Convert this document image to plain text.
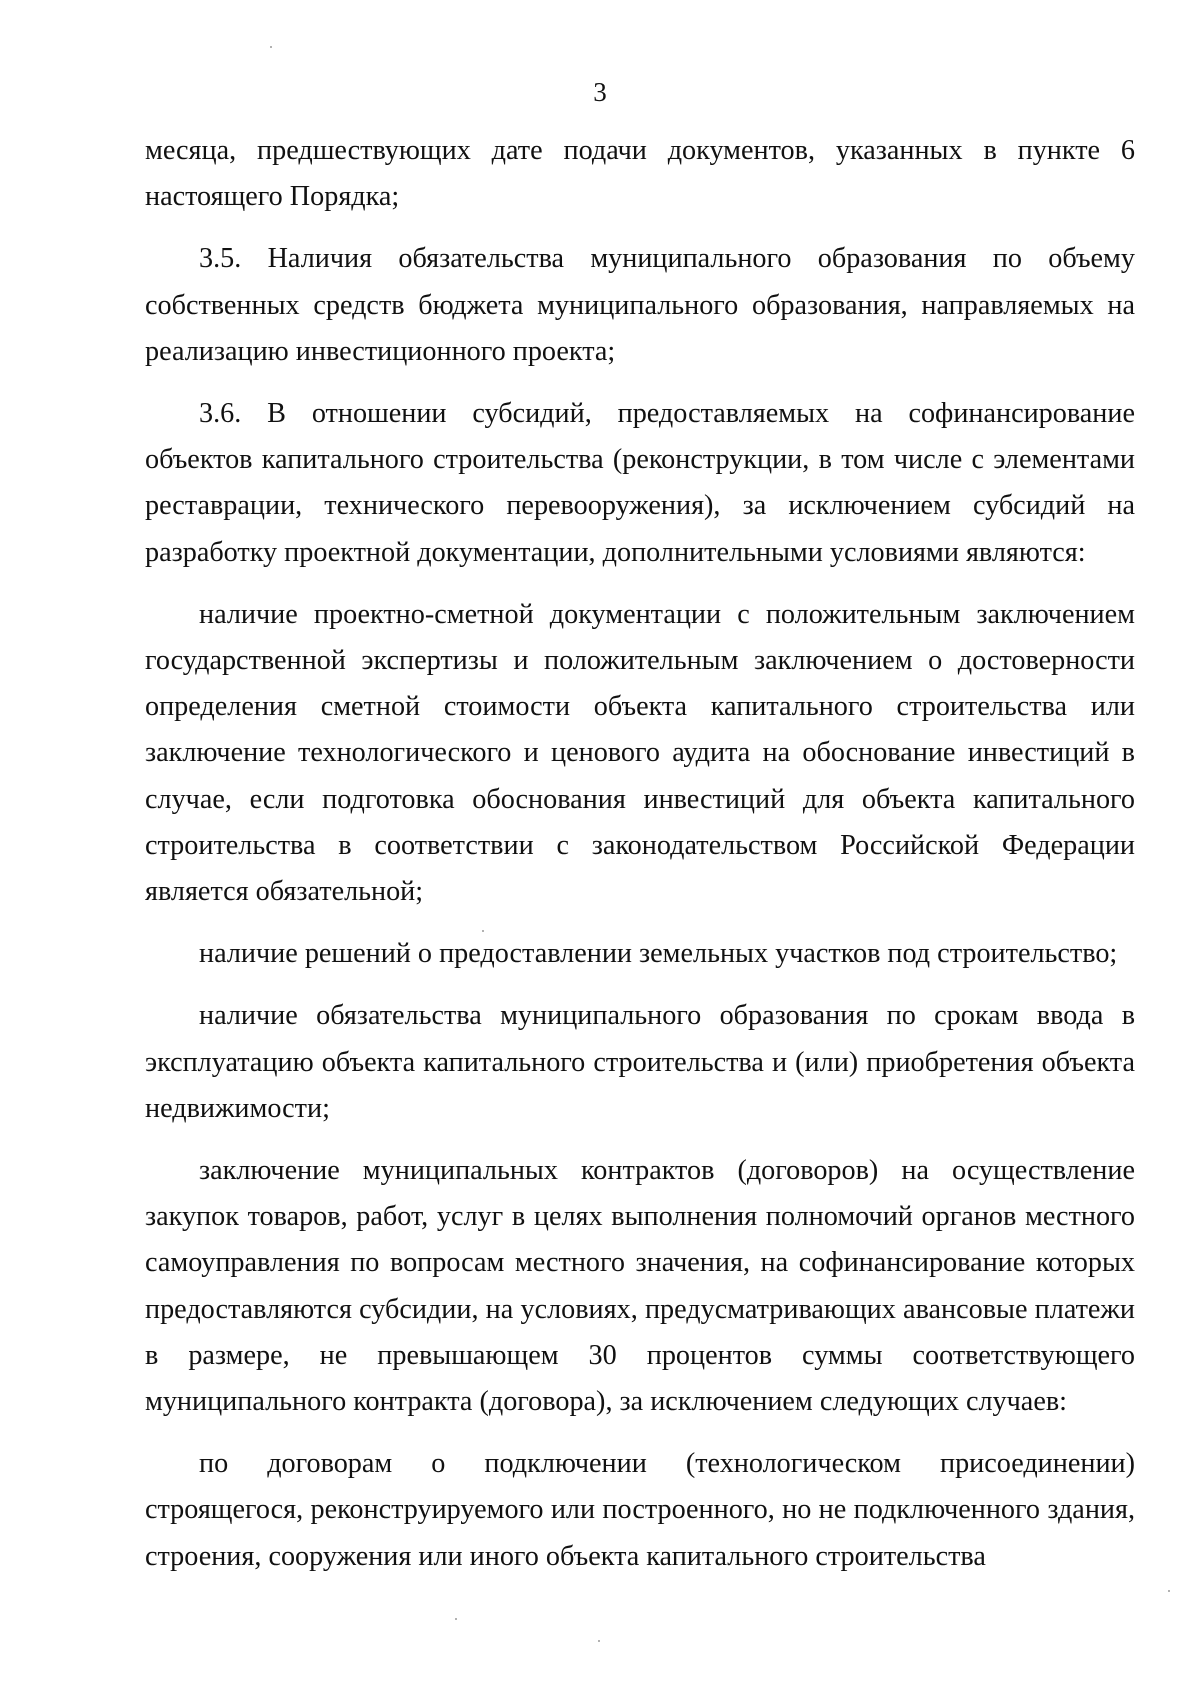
3

месяца, предшествующих дате подачи документов, указанных в пункте 6 настоящего Порядка;

3.5. Наличия обязательства муниципального образования по объему собственных средств бюджета муниципального образования, направляемых на реализацию инвестиционного проекта;

3.6. В отношении субсидий, предоставляемых на софинансирование объектов капитального строительства (реконструкции, в том числе с элементами реставрации, технического перевооружения), за исключением субсидий на разработку проектной документации, дополнительными условиями являются:

наличие проектно-сметной документации с положительным заключением государственной экспертизы и положительным заключением о достоверности определения сметной стоимости объекта капитального строительства или заключение технологического и ценового аудита на обоснование инвестиций в случае, если подготовка обоснования инвестиций для объекта капитального строительства в соответствии с законодательством Российской Федерации является обязательной;

наличие решений о предоставлении земельных участков под строительство;

наличие обязательства муниципального образования по срокам ввода в эксплуатацию объекта капитального строительства и (или) приобретения объекта недвижимости;

заключение муниципальных контрактов (договоров) на осуществление закупок товаров, работ, услуг в целях выполнения полномочий органов местного самоуправления по вопросам местного значения, на софинансирование которых предоставляются субсидии, на условиях, предусматривающих авансовые платежи в размере, не превышающем 30 процентов суммы соответствующего муниципального контракта (договора), за исключением следующих случаев:

по договорам о подключении (технологическом присоединении) строящегося, реконструируемого или построенного, но не подключенного здания, строения, сооружения или иного объекта капитального строительства
